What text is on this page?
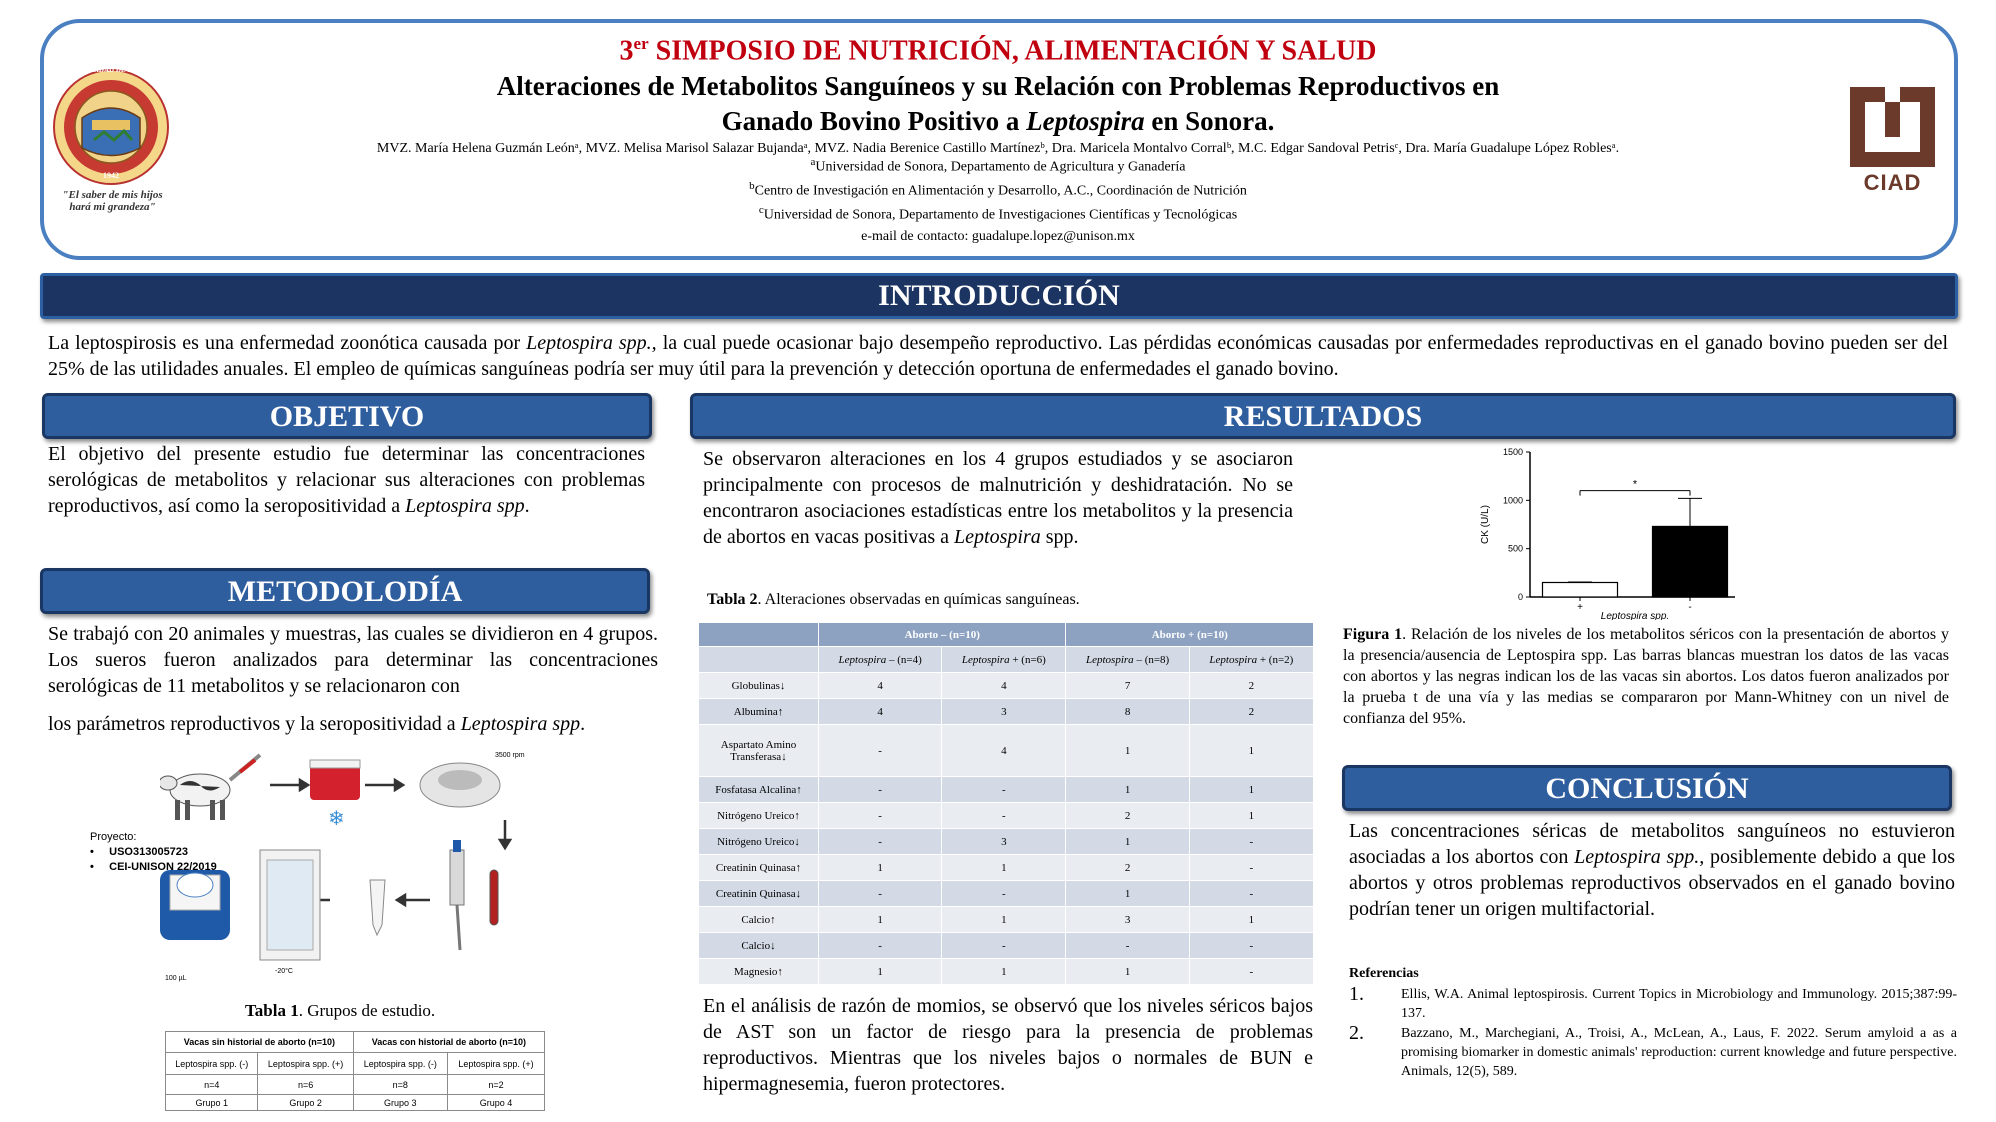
UNIVERSIDAD DE SONORA
1942
"El saber de mis hijos
hará mi grandeza"
CIAD
3er SIMPOSIO DE NUTRICIÓN, ALIMENTACIÓN Y SALUD
Alteraciones de Metabolitos Sanguíneos y su Relación con Problemas Reproductivos en
Ganado Bovino Positivo a Leptospira en Sonora.
MVZ. María Helena Guzmán Leónᵃ, MVZ. Melisa Marisol Salazar Bujandaᵃ, MVZ. Nadia Berenice Castillo Martínezᵇ, Dra. Maricela Montalvo Corralᵇ, M.C. Edgar Sandoval Petrisᶜ, Dra. María Guadalupe López Roblesᵃ.
$^a$Universidad de Sonora, Departamento de Agricultura y Ganadería
$^b$Centro de Investigación en Alimentación y Desarrollo, A.C., Coordinación de Nutrición
$^c$Universidad de Sonora, Departamento de Investigaciones Científicas y Tecnológicas
e-mail de contacto: guadalupe.lopez@unison.mx
INTRODUCCIÓN
La leptospirosis es una enfermedad zoonótica causada por Leptospira spp., la cual puede ocasionar bajo desempeño reproductivo. Las pérdidas económicas causadas por enfermedades reproductivas en el ganado bovino pueden ser del 25% de las utilidades anuales. El empleo de químicas sanguíneas podría ser muy útil para la prevención y detección oportuna de enfermedades el ganado bovino.
OBJETIVO
El objetivo del presente estudio fue determinar las concentraciones serológicas de metabolitos y relacionar sus alteraciones con problemas reproductivos, así como la seropositividad a Leptospira spp.
METODOLODÍA
Se trabajó con 20 animales y muestras, las cuales se dividieron en 4 grupos. Los sueros fueron analizados para determinar las concentraciones serológicas de 11 metabolitos y se relacionaron con
los parámetros reproductivos y la seropositividad a Leptospira spp.
❄
3500 rpm
-20°C
100 µL
Proyecto:
•     USO313005723
•     CEI-UNISON 22/2019
Tabla 1. Grupos de estudio.
Vacas sin historial de aborto (n=10)		Vacas con historial de aborto (n=10)	
Leptospira spp. (-)	Leptospira spp. (+)	Leptospira spp. (-)	Leptospira spp. (+)
n=4	n=6	n=8	n=2
Grupo 1	Grupo 2	Grupo 3	Grupo 4
RESULTADOS
Se observaron alteraciones en los 4 grupos estudiados y se asociaron principalmente con procesos de malnutrición y deshidratación. No se encontraron asociaciones estadísticas entre los metabolitos y la presencia de abortos en vacas positivas a Leptospira spp.
Tabla 2. Alteraciones observadas en químicas sanguíneas.
	Aborto – (n=10)		Aborto + (n=10)	
	Leptospira – (n=4)	Leptospira + (n=6)	Leptospira – (n=8)	Leptospira + (n=2)
Globulinas↓	4	4	7	2
Albumina↑	4	3	8	2
Aspartato Amino Transferasa↓	-	4	1	1
Fosfatasa Alcalina↑	-	-	1	1
Nitrógeno Ureico↑	-	-	2	1
Nitrógeno Ureico↓	-	3	1	-
Creatinin Quinasa↑	1	1	2	-
Creatinin Quinasa↓	-	-	1	-
Calcio↑	1	1	3	1
Calcio↓	-	-	-	-
Magnesio↑	1	1	1	-
En el análisis de razón de momios, se observó que los niveles séricos bajos de AST son un factor de riesgo para la presencia de problemas reproductivos. Mientras que los niveles bajos o normales de BUN e hipermagnesemia, fueron protectores.
0
500
1000
1500
CK (U/L)
+	-
*
Leptospira spp.
Figura 1. Relación de los niveles de los metabolitos séricos con la presentación de abortos y la presencia/ausencia de Leptospira spp. Las barras blancas muestran los datos de las vacas con abortos y las negras indican los de las vacas sin abortos. Los datos fueron analizados por la prueba t de una vía y las medias se compararon por Mann-Whitney con un nivel de confianza del 95%.
CONCLUSIÓN
Las concentraciones séricas de metabolitos sanguíneos no estuvieron asociadas a los abortos con Leptospira spp., posiblemente debido a que los abortos y otros problemas reproductivos observados en el ganado bovino podrían tener un origen multifactorial.
Referencias
1.	Ellis, W.A. Animal leptospirosis. Current Topics in Microbiology and Immunology. 2015;387:99-137.
2.	Bazzano, M., Marchegiani, A., Troisi, A., McLean, A., Laus, F. 2022. Serum amyloid a as a promising biomarker in domestic animals' reproduction: current knowledge and future perspective. Animals, 12(5), 589.
